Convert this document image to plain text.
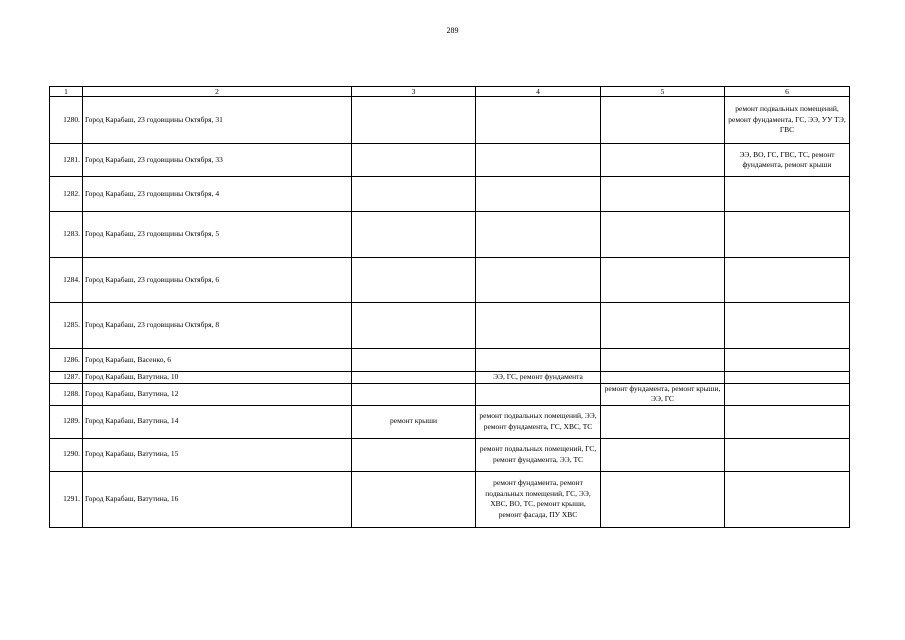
289
1	2	3	4	5	6
1280.	Город Карабаш, 23 годовщины Октября, 31				ремонт подвальных помещений, ремонт фундамента, ГС, ЭЭ, УУ ТЭ, ГВС
1281.	Город Карабаш, 23 годовщины Октября, 33				ЭЭ, ВО, ГС, ГВС, ТС, ремонт фундамента, ремонт крыши
1282.	Город Карабаш, 23 годовщины Октября, 4				
1283.	Город Карабаш, 23 годовщины Октября, 5				
1284.	Город Карабаш, 23 годовщины Октября, 6				
1285.	Город Карабаш, 23 годовщины Октября, 8				
1286.	Город Карабаш, Васенко, 6				
1287.	Город Карабаш, Ватутина, 10		ЭЭ, ГС, ремонт фундамента		
1288.	Город Карабаш, Ватутина, 12			ремонт фундамента, ремонт крыши, ЭЭ, ГС	
1289.	Город Карабаш, Ватутина, 14	ремонт крыши	ремонт подвальных помещений, ЭЭ, ремонт фундамента, ГС, ХВС, ТС		
1290.	Город Карабаш, Ватутина, 15		ремонт подвальных помещений, ГС, ремонт фундамента, ЭЭ, ТС		
1291.	Город Карабаш, Ватутина, 16		ремонт фундамента, ремонт подвальных помещений, ГС, ЭЭ, ХВС, ВО, ТС, ремонт крыши, ремонт фасада, ПУ ХВС		
